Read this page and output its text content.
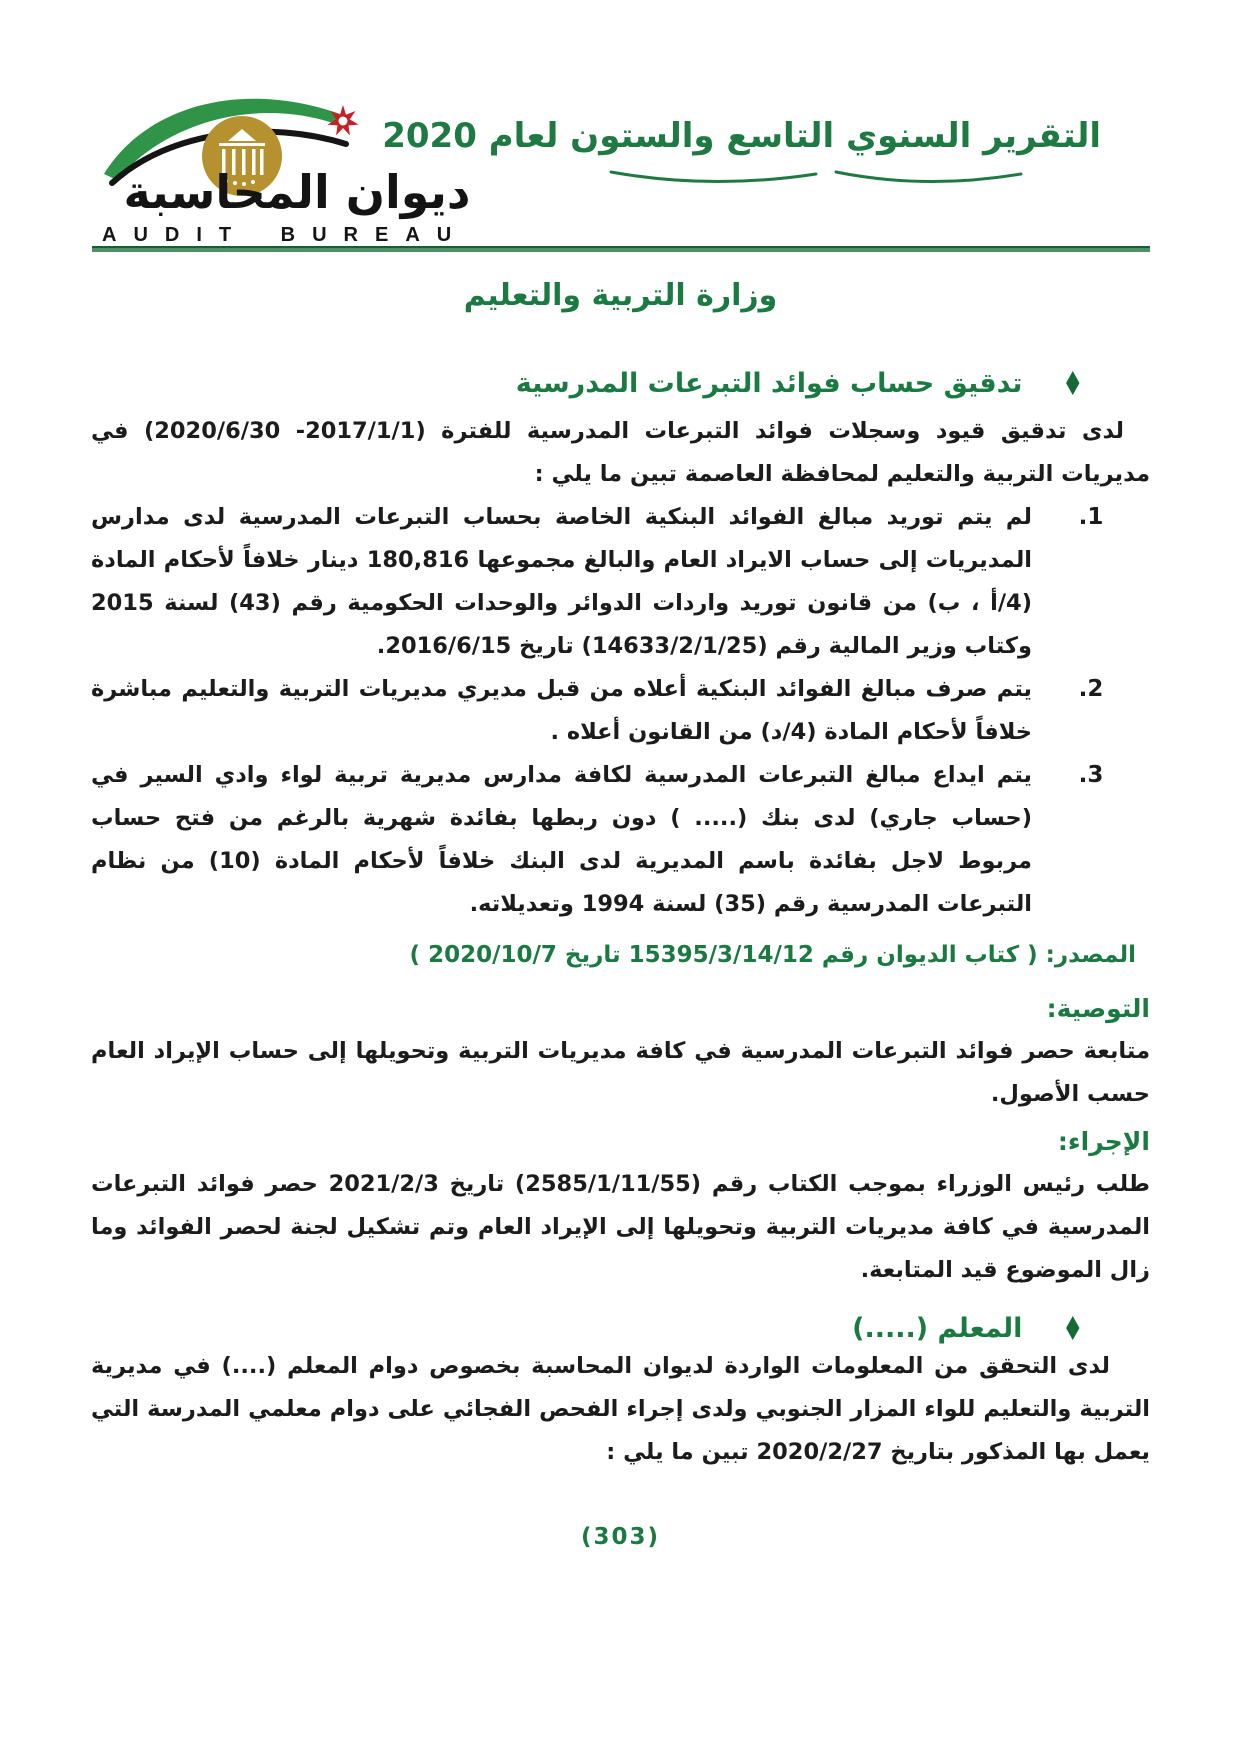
ديوان المحاسبة
AUDIT BUREAU
التقرير السنوي التاسع والستون لعام 2020
وزارة التربية والتعليم
♦
تدقيق حساب فوائد التبرعات المدرسية

لدى تدقيق قيود وسجلات فوائد التبرعات المدرسية للفترة (2017/1/1- 2020/6/30) في مديريات التربية والتعليم لمحافظة العاصمة تبين ما يلي :

1.

لم يتم توريد مبالغ الفوائد البنكية الخاصة بحساب التبرعات المدرسية لدى مدارس المديريات إلى حساب الايراد العام والبالغ مجموعها 180,816 دينار خلافاً لأحكام المادة (4/أ ، ب) من قانون توريد واردات الدوائر والوحدات الحكومية رقم (43) لسنة 2015 وكتاب وزير المالية رقم (14633/2/1/25) تاريخ 2016/6/15.

2.

يتم صرف مبالغ الفوائد البنكية أعلاه من قبل مديري مديريات التربية والتعليم مباشرة خلافاً لأحكام المادة (4/د) من القانون أعلاه .

3.

يتم ايداع مبالغ التبرعات المدرسية لكافة مدارس مديرية تربية لواء وادي السير في (حساب جاري) لدى بنك (..... ) دون ربطها بفائدة شهرية بالرغم من فتح حساب مربوط لاجل بفائدة باسم المديرية لدى البنك خلافاً لأحكام المادة (10) من نظام التبرعات المدرسية رقم (35) لسنة 1994 وتعديلاته.

المصدر: ( كتاب الديوان رقم 15395/3/14/12 تاريخ 2020/10/7 )

التوصية:

متابعة حصر فوائد التبرعات المدرسية في كافة مديريات التربية وتحويلها إلى حساب الإيراد العام حسب الأصول.

الإجراء:

طلب رئيس الوزراء بموجب الكتاب رقم (2585/1/11/55) تاريخ 2021/2/3 حصر فوائد التبرعات المدرسية في كافة مديريات التربية وتحويلها إلى الإيراد العام وتم تشكيل لجنة لحصر الفوائد وما زال الموضوع قيد المتابعة.

♦
المعلم (.....)

لدى التحقق من المعلومات الواردة لديوان المحاسبة بخصوص دوام المعلم (....) في مديرية التربية والتعليم للواء المزار الجنوبي ولدى إجراء الفحص الفجائي على دوام معلمي المدرسة التي يعمل بها المذكور بتاريخ 2020/2/27 تبين ما يلي :

(303)
